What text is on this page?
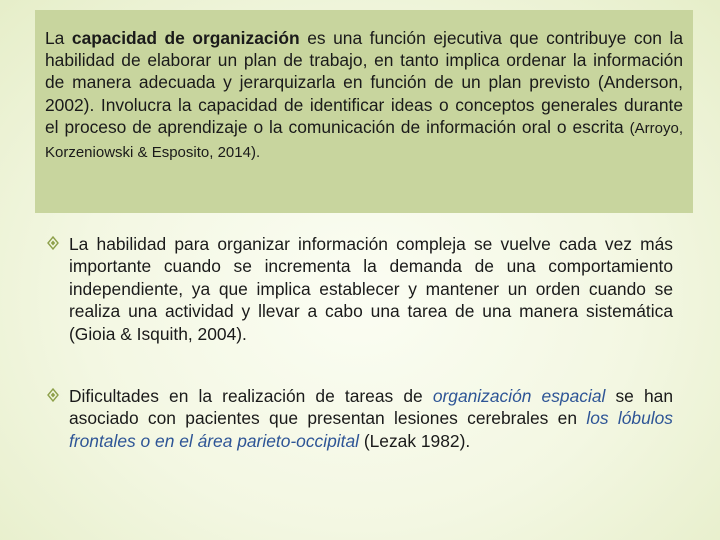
La capacidad de organización es una función ejecutiva que contribuye con la habilidad de elaborar un plan de trabajo, en tanto implica ordenar la información de manera adecuada y jerarquizarla en función de un plan previsto (Anderson, 2002). Involucra la capacidad de identificar ideas o conceptos generales durante el proceso de aprendizaje o la comunicación de información oral o escrita (Arroyo, Korzeniowski & Esposito, 2014).

La habilidad para organizar información compleja se vuelve cada vez más importante cuando se incrementa la demanda de una comportamiento independiente, ya que implica establecer y mantener un orden cuando se realiza una actividad y llevar a cabo una tarea de una manera sistemática (Gioia & Isquith, 2004).

Dificultades en la realización de tareas de organización espacial se han asociado con pacientes que presentan lesiones cerebrales en los lóbulos frontales o en el área parieto-occipital (Lezak 1982).
